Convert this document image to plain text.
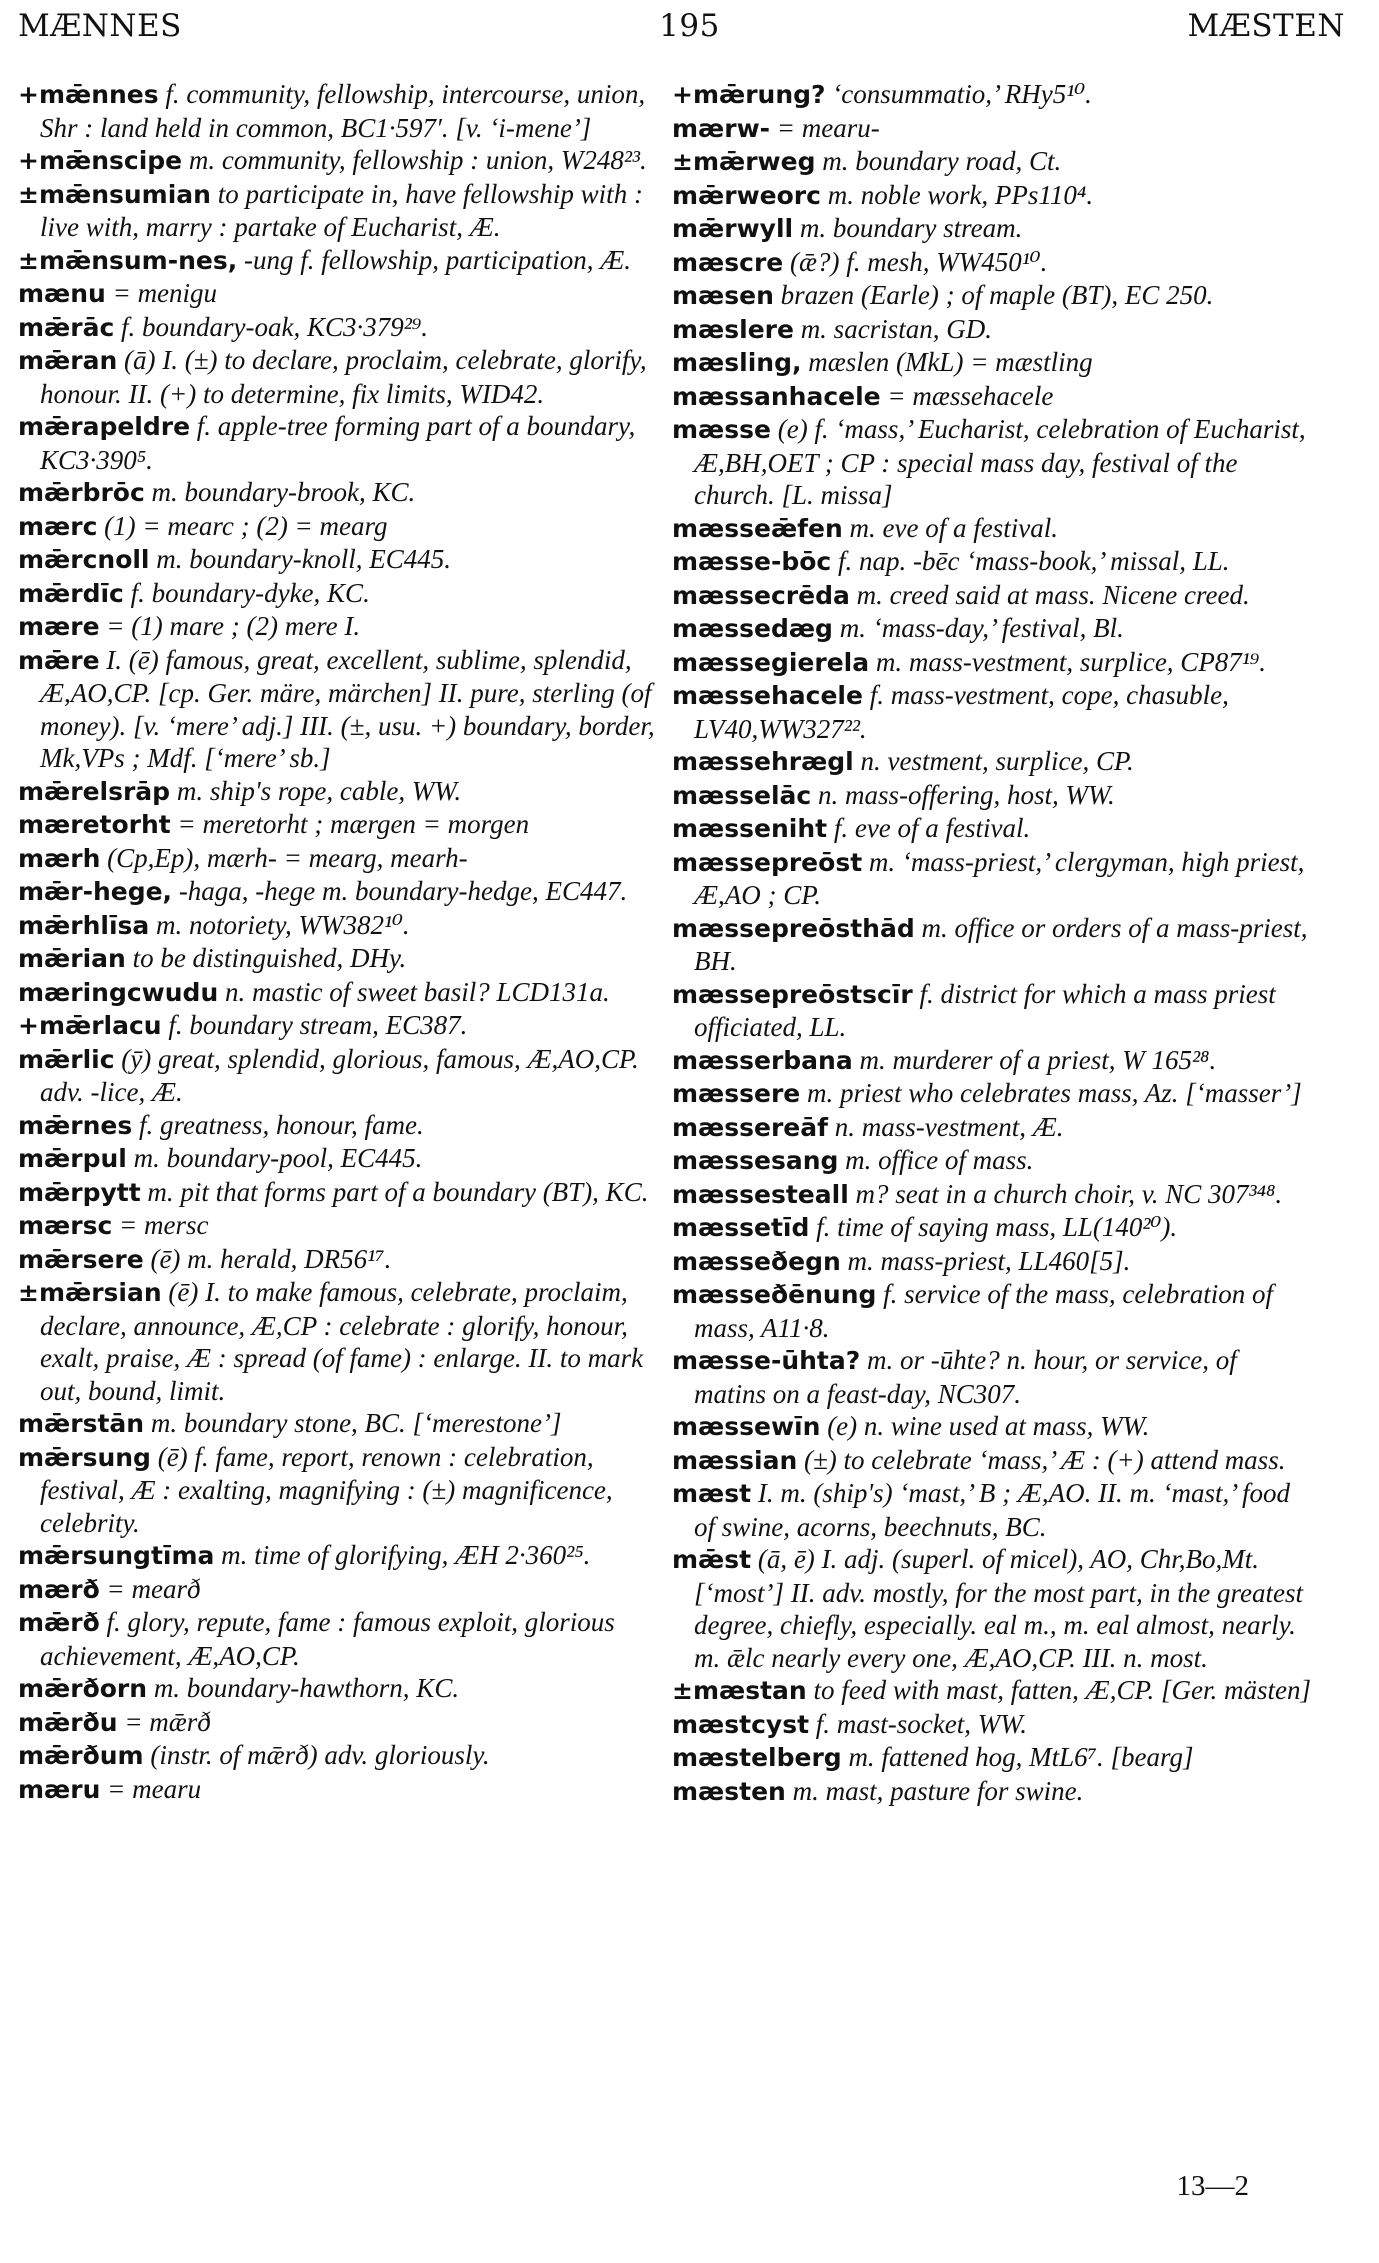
MÆNNES	195	MÆSTEN

+mǣnnes f. community, fellowship, intercourse, union, Shr : land held in common, BC1·597′. [v. ‘i-mene’]

+mǣnscipe m. community, fellowship : union, W248²³.

±mǣnsumian to participate in, have fellowship with : live with, marry : partake of Eucharist, Æ.

±mǣnsum-nes, -ung f. fellowship, participation, Æ.

mænu = menigu

mǣrāc f. boundary-oak, KC3·379²⁹.

mǣran (ā) I. (±) to declare, proclaim, celebrate, glorify, honour. II. (+) to determine, fix limits, WID42.

mǣrapeldre f. apple-tree forming part of a boundary, KC3·390⁵.

mǣrbrōc m. boundary-brook, KC.

mærc (1) = mearc ; (2) = mearg

mǣrcnoll m. boundary-knoll, EC445.

mǣrdīc f. boundary-dyke, KC.

mære = (1) mare ; (2) mere I.

mǣre I. (ē) famous, great, excellent, sublime, splendid, Æ,AO,CP. [cp. Ger. märe, märchen] II. pure, sterling (of money). [v. ‘mere’ adj.] III. (±, usu. +) boundary, border, Mk,VPs ; Mdf. [‘mere’ sb.]

mǣrelsrāp m. ship's rope, cable, WW.

mæretorht = meretorht ; mærgen = morgen

mærh (Cp,Ep), mærh- = mearg, mearh-

mǣr-hege, -haga, -hege m. boundary-hedge, EC447.

mǣrhlīsa m. notoriety, WW382¹⁰.

mǣrian to be distinguished, DHy.

mæringcwudu n. mastic of sweet basil? LCD131a.

+mǣrlacu f. boundary stream, EC387.

mǣrlic (ȳ) great, splendid, glorious, famous, Æ,AO,CP. adv. -lice, Æ.

mǣrnes f. greatness, honour, fame.

mǣrpul m. boundary-pool, EC445.

mǣrpytt m. pit that forms part of a boundary (BT), KC.

mærsc = mersc

mǣrsere (ē) m. herald, DR56¹⁷.

±mǣrsian (ē) I. to make famous, celebrate, proclaim, declare, announce, Æ,CP : celebrate : glorify, honour, exalt, praise, Æ : spread (of fame) : enlarge. II. to mark out, bound, limit.

mǣrstān m. boundary stone, BC. [‘merestone’]

mǣrsung (ē) f. fame, report, renown : celebration, festival, Æ : exalting, magnifying : (±) magnificence, celebrity.

mǣrsungtīma m. time of glorifying, ÆH 2·360²⁵.

mærð = mearð

mǣrð f. glory, repute, fame : famous exploit, glorious achievement, Æ,AO,CP.

mǣrðorn m. boundary-hawthorn, KC.

mǣrðu = mǣrð

mǣrðum (instr. of mǣrð) adv. gloriously.

mæru = mearu

+mǣrung? ‘consummatio,’ RHy5¹⁰.

mærw- = mearu-

±mǣrweg m. boundary road, Ct.

mǣrweorc m. noble work, PPs110⁴.

mǣrwyll m. boundary stream.

mæscre (ǣ?) f. mesh, WW450¹⁰.

mæsen brazen (Earle) ; of maple (BT), EC 250.

mæslere m. sacristan, GD.

mæsling, mæslen (MkL) = mæstling

mæssanhacele = mæssehacele

mæsse (e) f. ‘mass,’ Eucharist, celebration of Eucharist, Æ,BH,OET ; CP : special mass day, festival of the church. [L. missa]

mæsseǣfen m. eve of a festival.

mæsse-bōc f. nap. -bēc ‘mass-book,’ missal, LL.

mæssecrēda m. creed said at mass. Nicene creed.

mæssedæg m. ‘mass-day,’ festival, Bl.

mæssegierela m. mass-vestment, surplice, CP87¹⁹.

mæssehacele f. mass-vestment, cope, chasuble, LV40,WW327²².

mæssehrægl n. vestment, surplice, CP.

mæsselāc n. mass-offering, host, WW.

mæsseniht f. eve of a festival.

mæssepreōst m. ‘mass-priest,’ clergyman, high priest, Æ,AO ; CP.

mæssepreōsthād m. office or orders of a mass-priest, BH.

mæssepreōstscīr f. district for which a mass priest officiated, LL.

mæsserbana m. murderer of a priest, W 165²⁸.

mæssere m. priest who celebrates mass, Az. [‘masser’]

mæssereāf n. mass-vestment, Æ.

mæssesang m. office of mass.

mæssesteall m? seat in a church choir, v. NC 307³⁴⁸.

mæssetīd f. time of saying mass, LL(140²⁰).

mæsseðegn m. mass-priest, LL460[5].

mæsseðēnung f. service of the mass, celebration of mass, A11·8.

mæsse-ūhta? m. or -ūhte? n. hour, or service, of matins on a feast-day, NC307.

mæssewīn (e) n. wine used at mass, WW.

mæssian (±) to celebrate ‘mass,’ Æ : (+) attend mass.

mæst I. m. (ship's) ‘mast,’ B ; Æ,AO. II. m. ‘mast,’ food of swine, acorns, beechnuts, BC.

mǣst (ā, ē) I. adj. (superl. of micel), AO, Chr,Bo,Mt. [‘most’] II. adv. mostly, for the most part, in the greatest degree, chiefly, especially. eal m., m. eal almost, nearly. m. ǣlc nearly every one, Æ,AO,CP. III. n. most.

±mæstan to feed with mast, fatten, Æ,CP. [Ger. mästen]

mæstcyst f. mast-socket, WW.

mæstelberg m. fattened hog, MtL6⁷. [bearg]

mæsten m. mast, pasture for swine.

13—2
